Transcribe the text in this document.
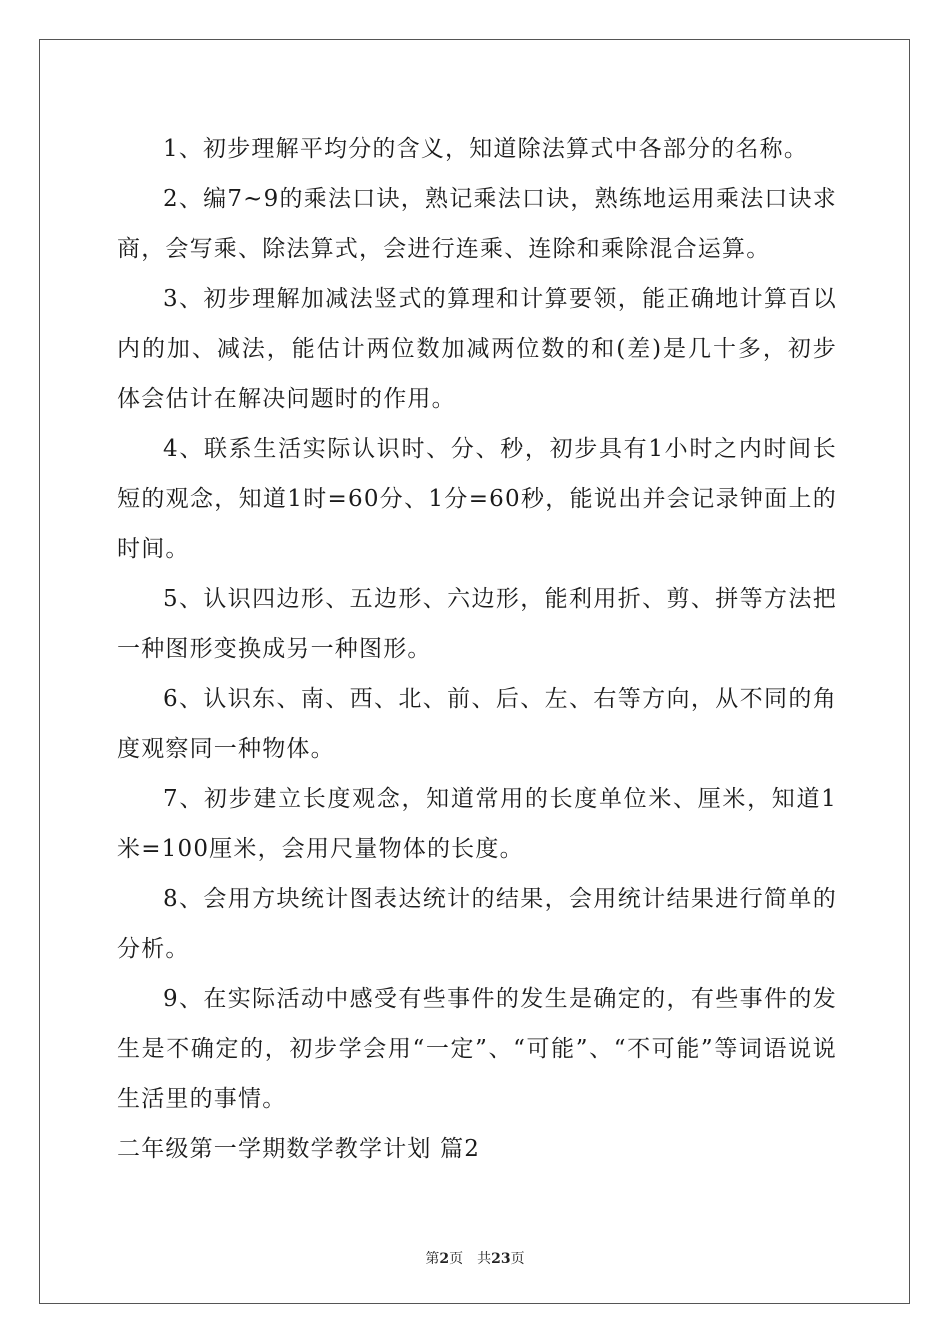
1、初步理解平均分的含义，知道除法算式中各部分的名称。

2、编7~9的乘法口诀，熟记乘法口诀，熟练地运用乘法口诀求商，会写乘、除法算式，会进行连乘、连除和乘除混合运算。

3、初步理解加减法竖式的算理和计算要领，能正确地计算百以内的加、减法，能估计两位数加减两位数的和(差)是几十多，初步体会估计在解决问题时的作用。

4、联系生活实际认识时、分、秒，初步具有1小时之内时间长短的观念，知道1时=60分、1分=60秒，能说出并会记录钟面上的时间。

5、认识四边形、五边形、六边形，能利用折、剪、拼等方法把一种图形变换成另一种图形。

6、认识东、南、西、北、前、后、左、右等方向，从不同的角度观察同一种物体。

7、初步建立长度观念，知道常用的长度单位米、厘米，知道1米=100厘米，会用尺量物体的长度。

8、会用方块统计图表达统计的结果，会用统计结果进行简单的分析。

9、在实际活动中感受有些事件的发生是确定的，有些事件的发生是不确定的，初步学会用“一定”、“可能”、“不可能”等词语说说生活里的事情。

二年级第一学期数学教学计划 篇2

第2页 共23页
